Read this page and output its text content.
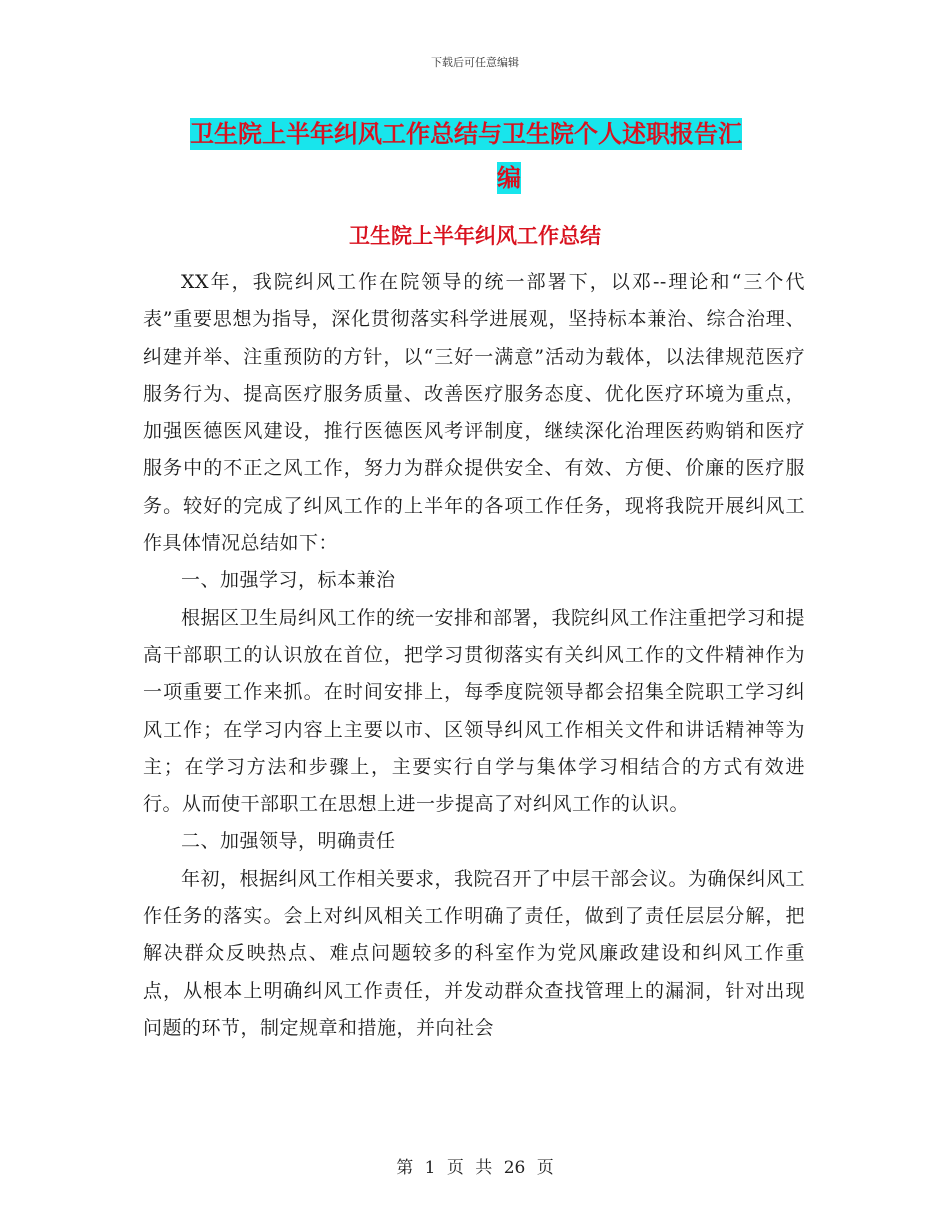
下载后可任意编辑
卫生院上半年纠风工作总结与卫生院个人述职报告汇
编
卫生院上半年纠风工作总结

XX年，我院纠风工作在院领导的统一部署下，以邓--理论和“三个代表”重要思想为指导，深化贯彻落实科学进展观，坚持标本兼治、综合治理、纠建并举、注重预防的方针，以“三好一满意”活动为载体，以法律规范医疗服务行为、提高医疗服务质量、改善医疗服务态度、优化医疗环境为重点，加强医德医风建设，推行医德医风考评制度，继续深化治理医药购销和医疗服务中的不正之风工作，努力为群众提供安全、有效、方便、价廉的医疗服务。较好的完成了纠风工作的上半年的各项工作任务，现将我院开展纠风工作具体情况总结如下：

一、加强学习，标本兼治

根据区卫生局纠风工作的统一安排和部署，我院纠风工作注重把学习和提高干部职工的认识放在首位，把学习贯彻落实有关纠风工作的文件精神作为一项重要工作来抓。在时间安排上，每季度院领导都会招集全院职工学习纠风工作；在学习内容上主要以市、区领导纠风工作相关文件和讲话精神等为主；在学习方法和步骤上，主要实行自学与集体学习相结合的方式有效进行。从而使干部职工在思想上进一步提高了对纠风工作的认识。

二、加强领导，明确责任

年初，根据纠风工作相关要求，我院召开了中层干部会议。为确保纠风工作任务的落实。会上对纠风相关工作明确了责任，做到了责任层层分解，把解决群众反映热点、难点问题较多的科室作为党风廉政建设和纠风工作重点，从根本上明确纠风工作责任，并发动群众查找管理上的漏洞，针对出现问题的环节，制定规章和措施，并向社会

第 1 页 共 26 页
